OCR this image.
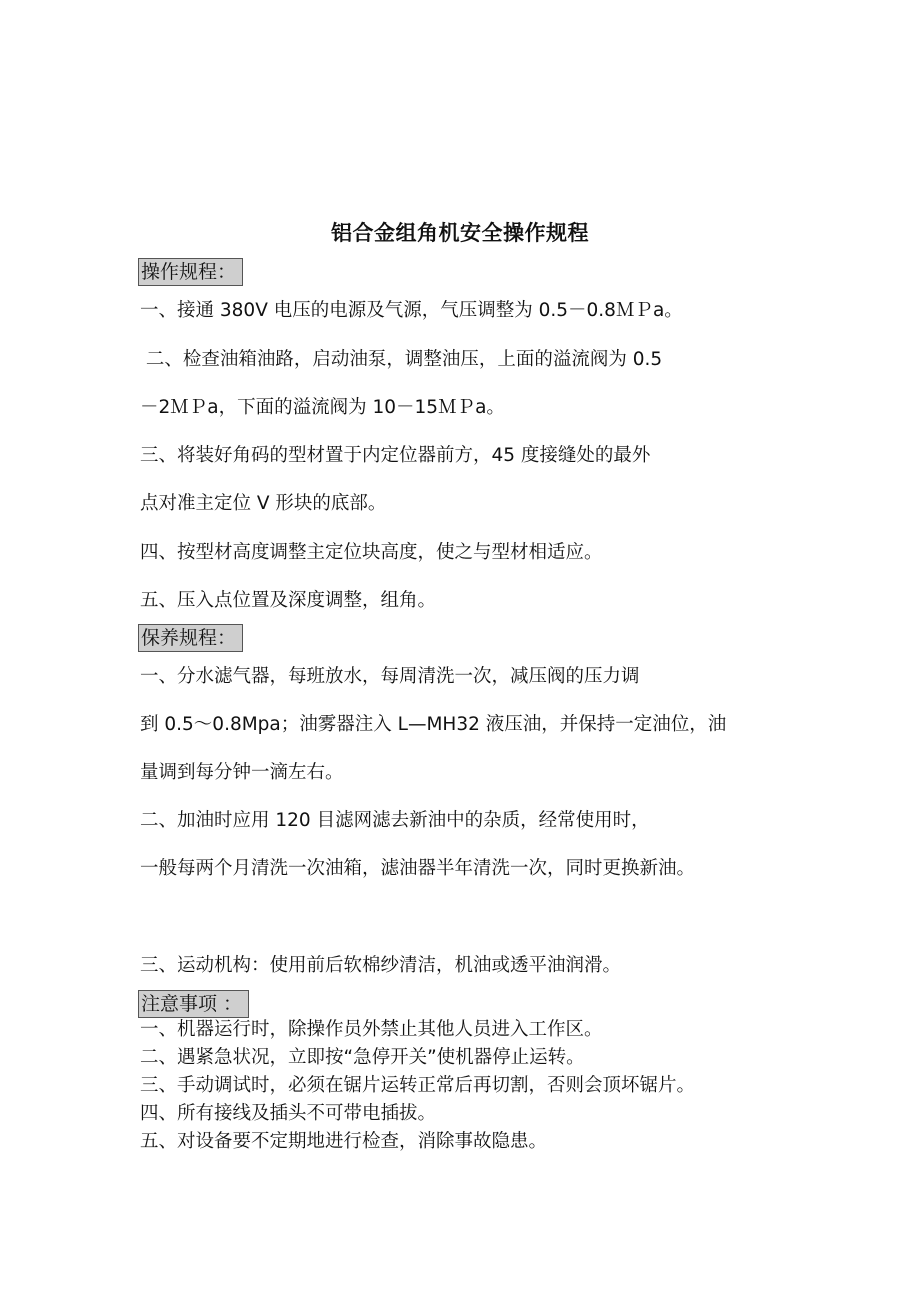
铝合金组角机安全操作规程
操作规程：
一、接通 380V 电压的电源及气源，气压调整为 0.5－0.8ＭＰa。
二、检查油箱油路，启动油泵，调整油压，上面的溢流阀为 0.5
－2ＭＰa，下面的溢流阀为 10－15ＭＰa。
三、将装好角码的型材置于内定位器前方，45 度接缝处的最外
点对准主定位 V 形块的底部。
四、按型材高度调整主定位块高度，使之与型材相适应。
五、压入点位置及深度调整，组角。
保养规程：
一、分水滤气器，每班放水，每周清洗一次，减压阀的压力调
到 0.5～0.8Mpa；油雾器注入 L—MH32 液压油，并保持一定油位，油
量调到每分钟一滴左右。
二、加油时应用 120 目滤网滤去新油中的杂质，经常使用时，
一般每两个月清洗一次油箱，滤油器半年清洗一次，同时更换新油。
三、运动机构：使用前后软棉纱清洁，机油或透平油润滑。
注意事项 ：
一、机器运行时，除操作员外禁止其他人员进入工作区。
二、遇紧急状况，立即按“急停开关”使机器停止运转。
三、手动调试时，必须在锯片运转正常后再切割，否则会顶坏锯片。
四、所有接线及插头不可带电插拔。
五、对设备要不定期地进行检查，消除事故隐患。
